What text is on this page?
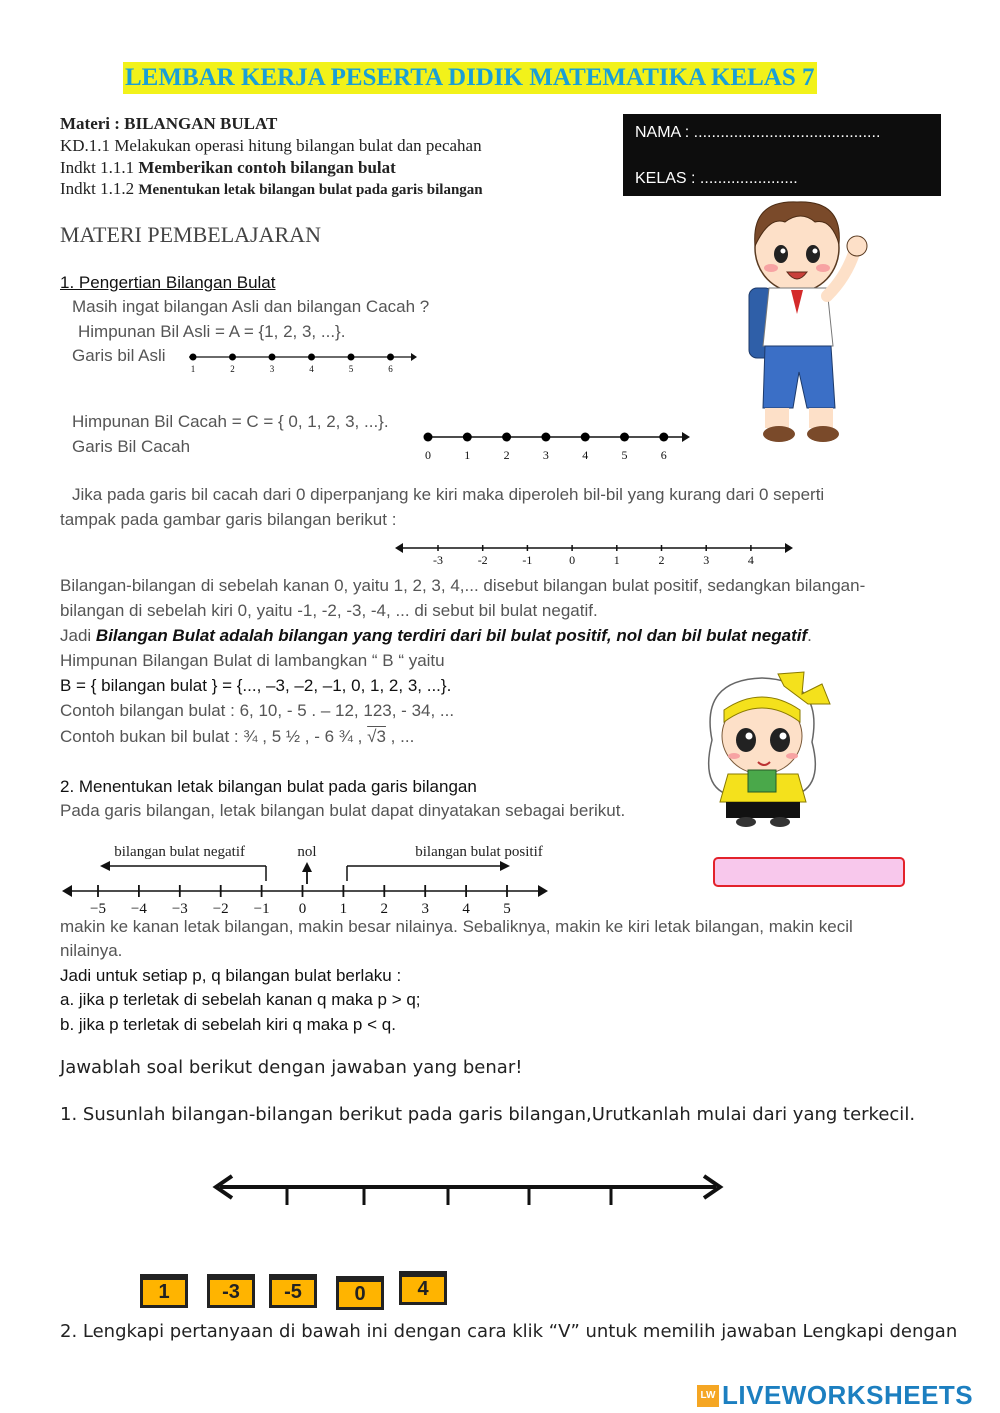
LEMBAR KERJA PESERTA DIDIK MATEMATIKA KELAS 7
Materi : BILANGAN BULAT
KD.1.1 Melakukan operasi hitung bilangan bulat dan pecahan
Indkt 1.1.1 Memberikan contoh bilangan bulat
Indkt 1.1.2 Menentukan letak bilangan bulat pada garis bilangan
NAMA : ..........................................
KELAS : ......................
MATERI PEMBELAJARAN
1. Pengertian Bilangan Bulat
Masih ingat bilangan Asli dan bilangan Cacah ?
Himpunan Bil Asli = A = {1, 2, 3, ...}.
Garis bil Asli
1	2	3	4	5	6
Himpunan Bil Cacah = C = { 0, 1, 2, 3, ...}.
Garis Bil Cacah	0	1	2	3	4	5	6
Jika pada garis bil cacah dari 0 diperpanjang ke kiri maka diperoleh bil-bil yang kurang dari 0 seperti
tampak pada gambar garis bilangan berikut :
-3	-2	-1	0	1	2	3	4
Bilangan-bilangan di sebelah kanan 0, yaitu 1, 2, 3, 4,... disebut bilangan bulat positif, sedangkan bilangan-
bilangan di sebelah kiri 0, yaitu -1, -2, -3, -4, ... di sebut bil bulat negatif.
Jadi Bilangan Bulat adalah bilangan yang terdiri dari bil bulat positif, nol dan bil bulat negatif.
Himpunan Bilangan Bulat di lambangkan “ B “ yaitu
B = { bilangan bulat } = {..., –3, –2, –1, 0, 1, 2, 3, ...}.
Contoh bilangan bulat : 6, 10, - 5 . – 12, 123, - 34, ...
Contoh bukan bil bulat : ¾ , 5 ½ , - 6 ¾ , √3 , ...
2. Menentukan letak bilangan bulat pada garis bilangan
Pada garis bilangan, letak bilangan bulat dapat dinyatakan sebagai berikut.
bilangan bulat negatif	nol	bilangan bulat positif
−5 −4 −3 −2 −1 0 1 2 3 4 5
makin ke kanan letak bilangan, makin besar nilainya. Sebaliknya, makin ke kiri letak bilangan, makin kecil
nilainya.
Jadi untuk setiap p, q bilangan bulat berlaku :
a. jika p terletak di sebelah kanan q maka p > q;
b. jika p terletak di sebelah kiri q maka p < q.
Jawablah soal berikut dengan jawaban yang benar!
1. Susunlah bilangan-bilangan berikut pada garis bilangan,Urutkanlah mulai dari yang terkecil.
1	-3	-5	0	4
2. Lengkapi pertanyaan di bawah ini dengan cara klik “V” untuk memilih jawaban Lengkapi dengan
LW LIVEWORKSHEETS
